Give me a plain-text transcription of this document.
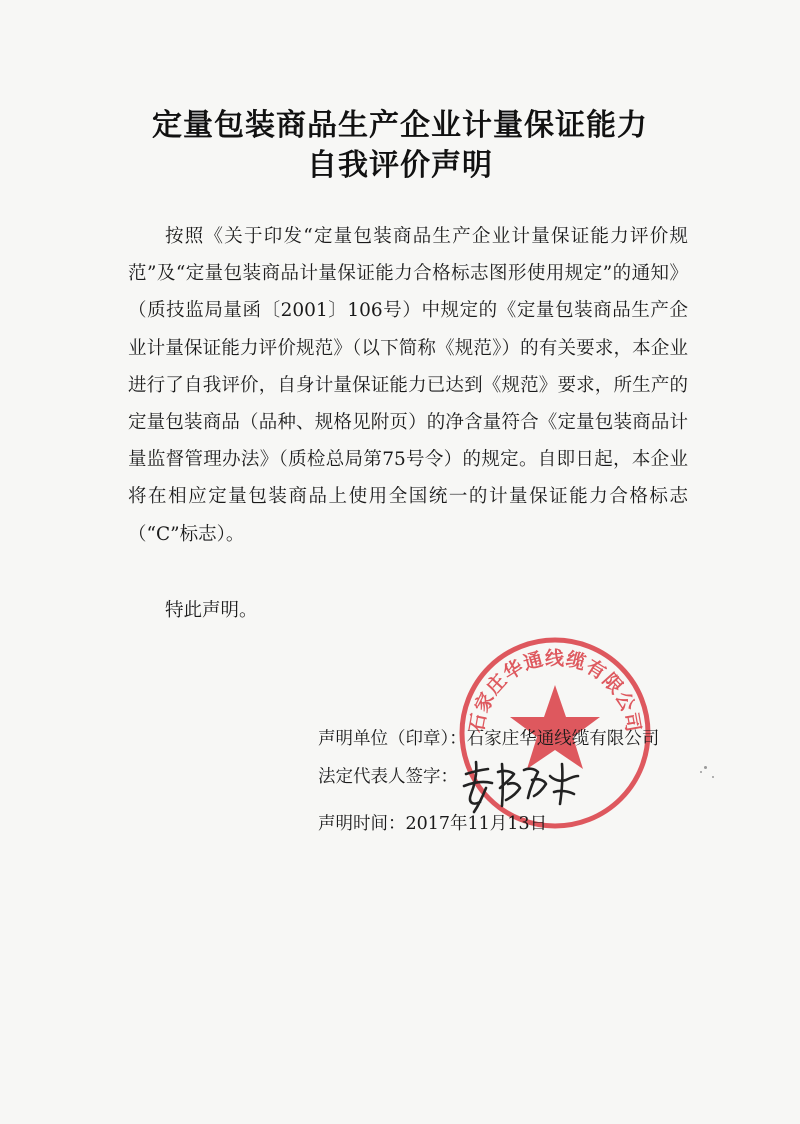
定量包装商品生产企业计量保证能力
自我评价声明

按照《关于印发“定量包装商品生产企业计量保证能力评价规范”及“定量包装商品计量保证能力合格标志图形使用规定”的通知》（质技监局量函〔2001〕106号）中规定的《定量包装商品生产企业计量保证能力评价规范》（以下简称《规范》）的有关要求，本企业进行了自我评价，自身计量保证能力已达到《规范》要求，所生产的定量包装商品（品种、规格见附页）的净含量符合《定量包装商品计量监督管理办法》（质检总局第75号令）的规定。自即日起，本企业将在相应定量包装商品上使用全国统一的计量保证能力合格标志（“C”标志）。

特此声明。
石家庄华通线缆有限公司
声明单位（印章）：石家庄华通线缆有限公司
法定代表人签字：
声明时间：2017年11月13日
